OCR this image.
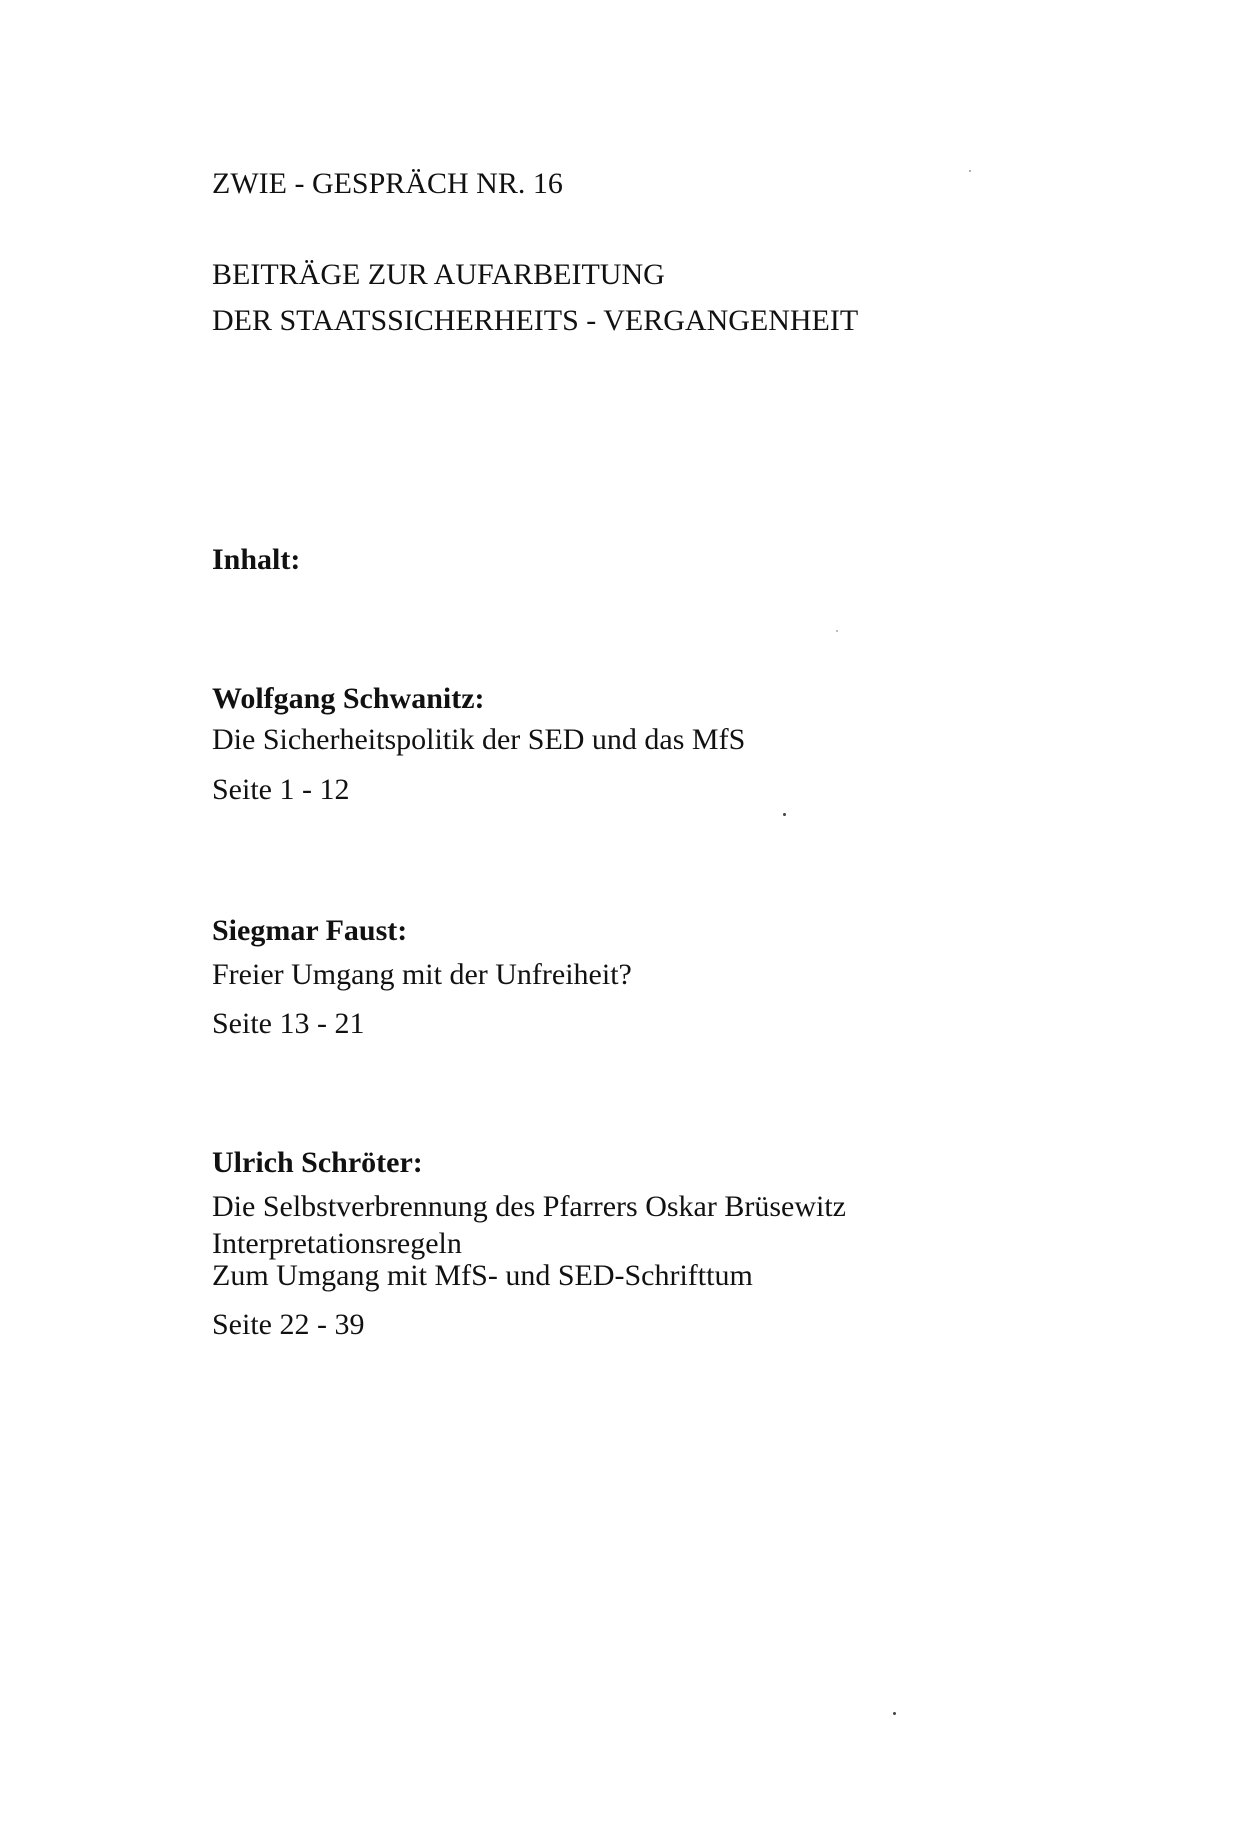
ZWIE - GESPRÄCH NR. 16
BEITRÄGE ZUR AUFARBEITUNG
DER STAATSSICHERHEITS - VERGANGENHEIT
Inhalt:
Wolfgang Schwanitz:
Die Sicherheitspolitik der SED und das MfS
Seite 1 - 12
Siegmar Faust:
Freier Umgang mit der Unfreiheit?
Seite 13 - 21
Ulrich Schröter:
Die Selbstverbrennung des Pfarrers Oskar Brüsewitz
Interpretationsregeln
Zum Umgang mit MfS- und SED-Schrifttum
Seite 22 - 39
